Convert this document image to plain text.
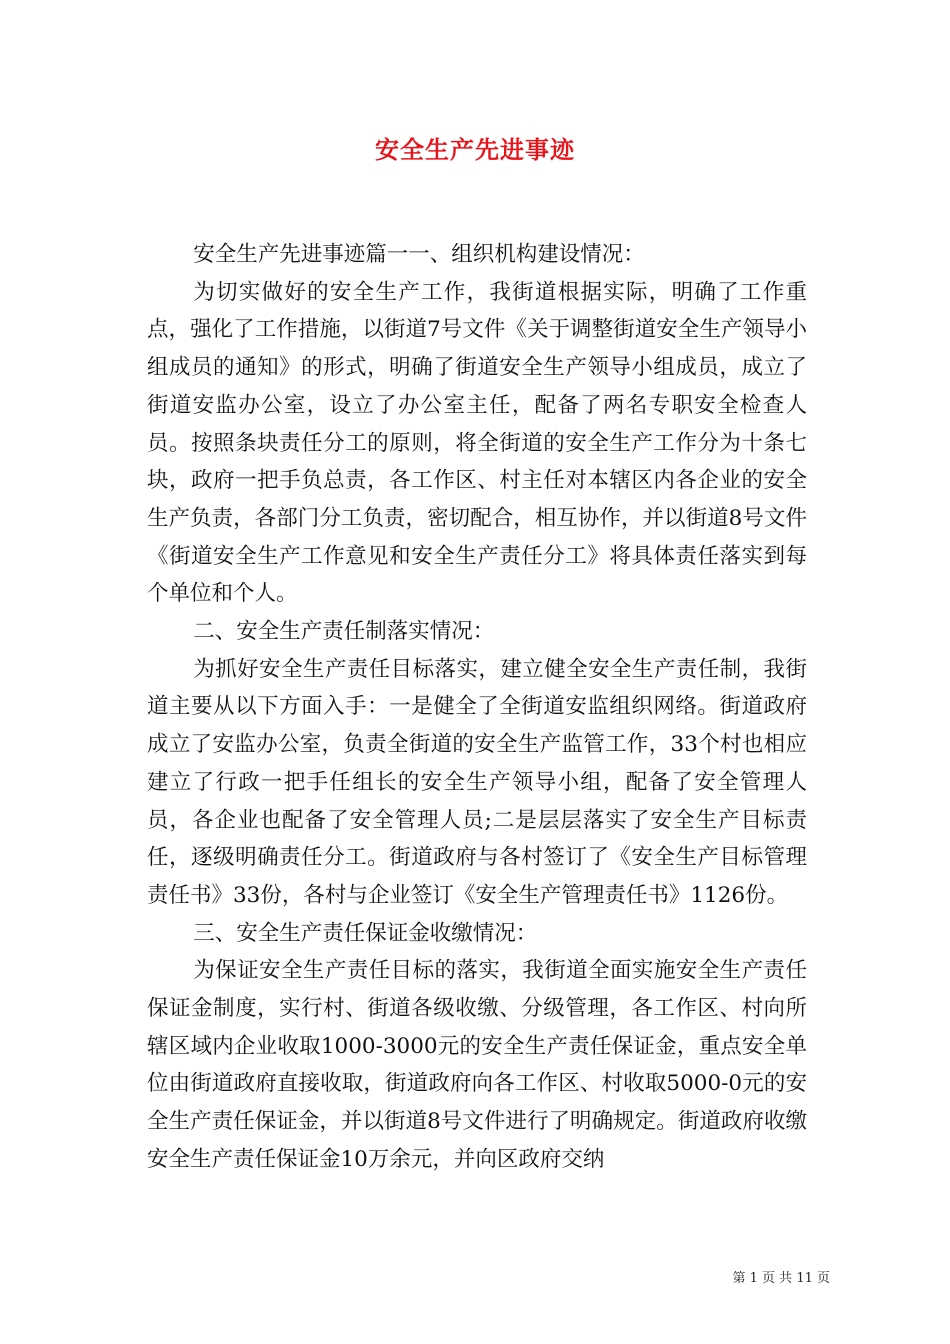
安全生产先进事迹

安全生产先进事迹篇一一、组织机构建设情况：

为切实做好的安全生产工作，我街道根据实际，明确了工作重点，强化了工作措施，以街道7号文件《关于调整街道安全生产领导小组成员的通知》的形式，明确了街道安全生产领导小组成员，成立了街道安监办公室，设立了办公室主任，配备了两名专职安全检查人员。按照条块责任分工的原则，将全街道的安全生产工作分为十条七块，政府一把手负总责，各工作区、村主任对本辖区内各企业的安全生产负责，各部门分工负责，密切配合，相互协作，并以街道8号文件《街道安全生产工作意见和安全生产责任分工》将具体责任落实到每个单位和个人。

二、安全生产责任制落实情况：

为抓好安全生产责任目标落实，建立健全安全生产责任制，我街道主要从以下方面入手：一是健全了全街道安监组织网络。街道政府成立了安监办公室，负责全街道的安全生产监管工作，33个村也相应建立了行政一把手任组长的安全生产领导小组，配备了安全管理人员，各企业也配备了安全管理人员;二是层层落实了安全生产目标责任，逐级明确责任分工。街道政府与各村签订了《安全生产目标管理责任书》33份，各村与企业签订《安全生产管理责任书》1126份。

三、安全生产责任保证金收缴情况：

为保证安全生产责任目标的落实，我街道全面实施安全生产责任保证金制度，实行村、街道各级收缴、分级管理，各工作区、村向所辖区域内企业收取1000-3000元的安全生产责任保证金，重点安全单位由街道政府直接收取，街道政府向各工作区、村收取5000-0元的安全生产责任保证金，并以街道8号文件进行了明确规定。街道政府收缴安全生产责任保证金10万余元，并向区政府交纳

第 1 页 共 11 页
